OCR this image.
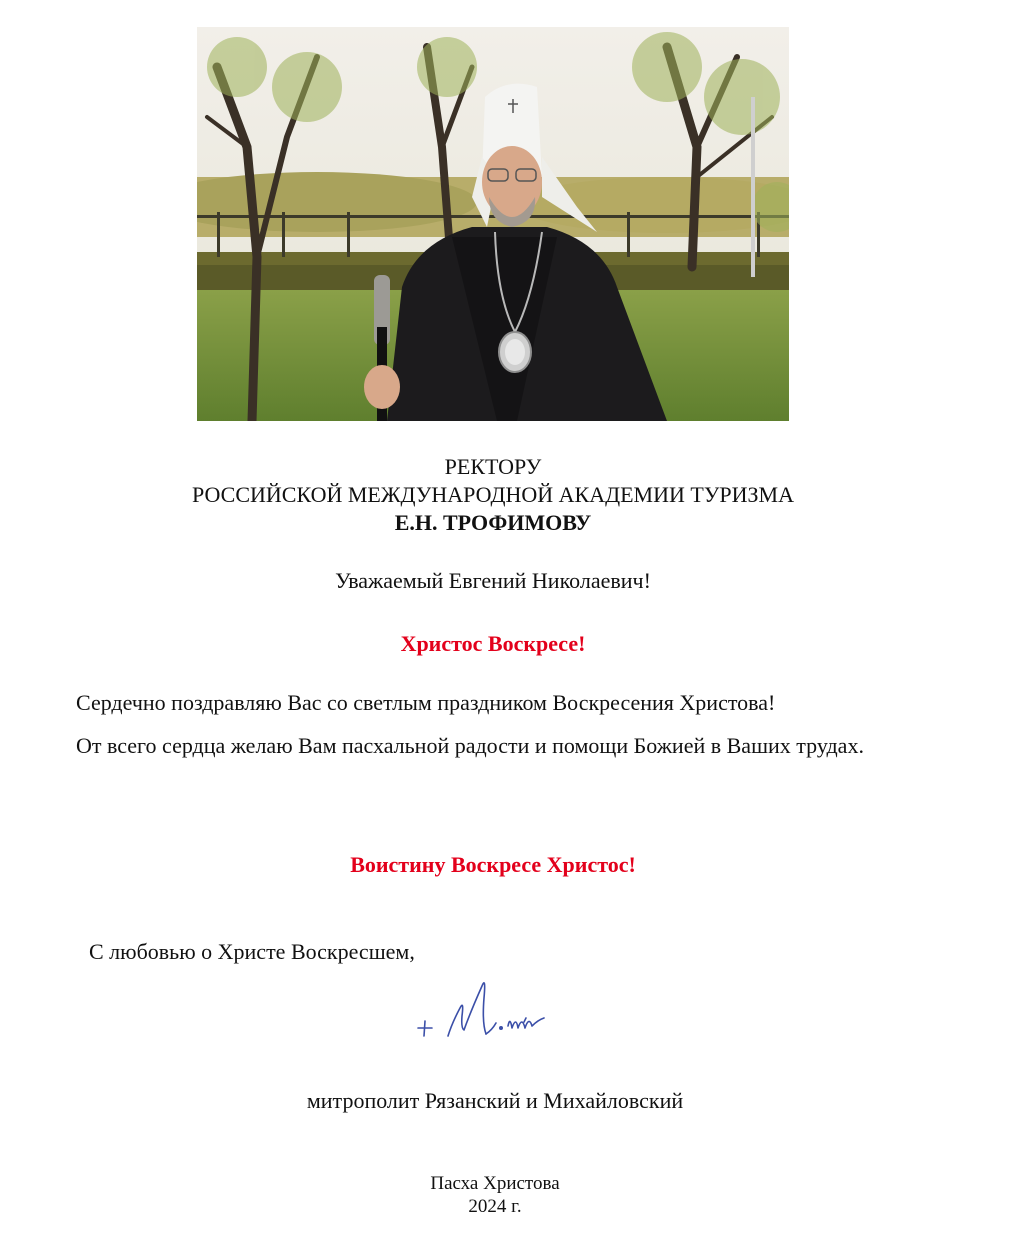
РЕКТОРУ
РОССИЙСКОЙ МЕЖДУНАРОДНОЙ АКАДЕМИИ ТУРИЗМА
Е.Н. ТРОФИМОВУ
Уважаемый Евгений Николаевич!
Христос Воскресе!

Сердечно поздравляю Вас со светлым праздником Воскресения Христова!

От всего сердца желаю Вам пасхальной радости и помощи Божией в Ваших трудах.

Воистину Воскресе Христос!
С любовью о Христе Воскресшем,
митрополит Рязанский и Михайловский
Пасха Христова
2024 г.
